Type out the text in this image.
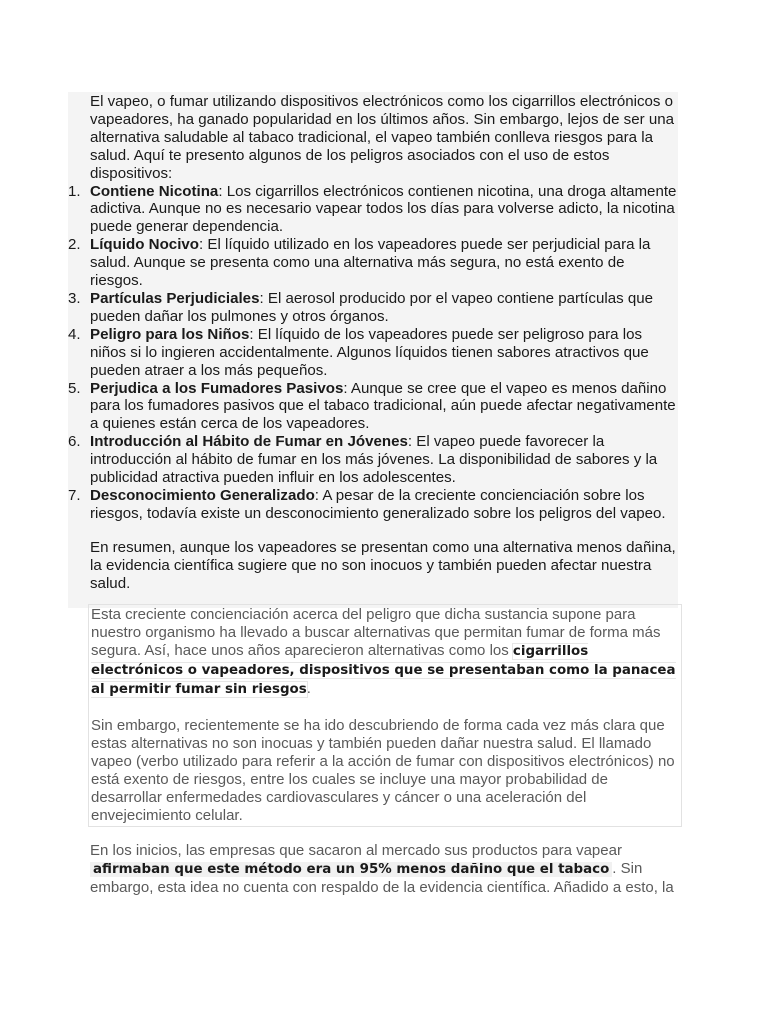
El vapeo, o fumar utilizando dispositivos electrónicos como los cigarrillos electrónicos o vapeadores, ha ganado popularidad en los últimos años. Sin embargo, lejos de ser una alternativa saludable al tabaco tradicional, el vapeo también conlleva riesgos para la salud. Aquí te presento algunos de los peligros asociados con el uso de estos dispositivos:

1. Contiene Nicotina: Los cigarrillos electrónicos contienen nicotina, una droga altamente adictiva. Aunque no es necesario vapear todos los días para volverse adicto, la nicotina puede generar dependencia.
2. Líquido Nocivo: El líquido utilizado en los vapeadores puede ser perjudicial para la salud. Aunque se presenta como una alternativa más segura, no está exento de riesgos.
3. Partículas Perjudiciales: El aerosol producido por el vapeo contiene partículas que pueden dañar los pulmones y otros órganos.
4. Peligro para los Niños: El líquido de los vapeadores puede ser peligroso para los niños si lo ingieren accidentalmente. Algunos líquidos tienen sabores atractivos que pueden atraer a los más pequeños.
5. Perjudica a los Fumadores Pasivos: Aunque se cree que el vapeo es menos dañino para los fumadores pasivos que el tabaco tradicional, aún puede afectar negativamente a quienes están cerca de los vapeadores.
6. Introducción al Hábito de Fumar en Jóvenes: El vapeo puede favorecer la introducción al hábito de fumar en los más jóvenes. La disponibilidad de sabores y la publicidad atractiva pueden influir en los adolescentes.
7. Desconocimiento Generalizado: A pesar de la creciente concienciación sobre los riesgos, todavía existe un desconocimiento generalizado sobre los peligros del vapeo.

En resumen, aunque los vapeadores se presentan como una alternativa menos dañina, la evidencia científica sugiere que no son inocuos y también pueden afectar nuestra salud.

Esta creciente concienciación acerca del peligro que dicha sustancia supone para nuestro organismo ha llevado a buscar alternativas que permitan fumar de forma más segura. Así, hace unos años aparecieron alternativas como los cigarrillos electrónicos o vapeadores, dispositivos que se presentaban como la panacea al permitir fumar sin riesgos.

Sin embargo, recientemente se ha ido descubriendo de forma cada vez más clara que estas alternativas no son inocuas y también pueden dañar nuestra salud. El llamado vapeo (verbo utilizado para referir a la acción de fumar con dispositivos electrónicos) no está exento de riesgos, entre los cuales se incluye una mayor probabilidad de desarrollar enfermedades cardiovasculares y cáncer o una aceleración del envejecimiento celular.

En los inicios, las empresas que sacaron al mercado sus productos para vapear afirmaban que este método era un 95% menos dañino que el tabaco . Sin embargo, esta idea no cuenta con respaldo de la evidencia científica. Añadido a esto, la
